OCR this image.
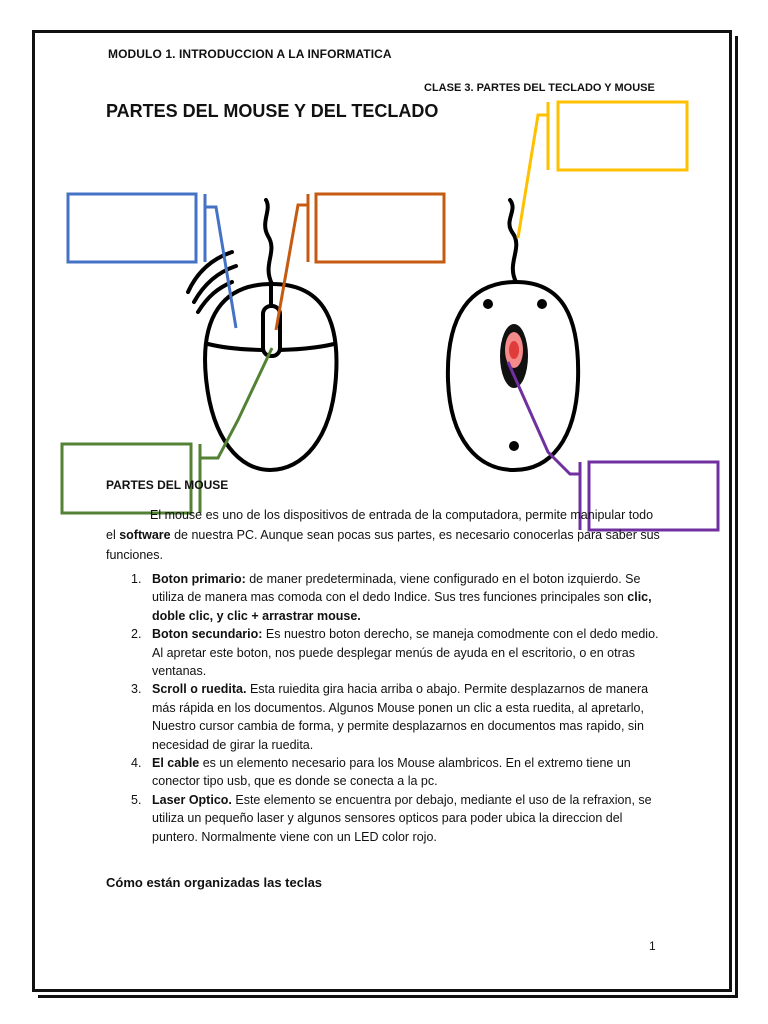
MODULO 1. INTRODUCCION A LA INFORMATICA
CLASE 3. PARTES DEL TECLADO Y MOUSE
PARTES DEL MOUSE Y DEL TECLADO
PARTES DEL MOUSE

El mouse es uno de los dispositivos de entrada de la computadora, permite manipular todo el software de nuestra PC. Aunque sean pocas sus partes, es necesario conocerlas para saber sus funciones.

1. Boton primario: de maner predeterminada, viene configurado en el boton izquierdo. Se utiliza de manera mas comoda con el dedo Indice. Sus tres funciones principales son clic, doble clic, y clic + arrastrar mouse.
2. Boton secundario: Es nuestro boton derecho, se maneja comodmente con el dedo medio. Al apretar este boton, nos puede desplegar menús de ayuda en el escritorio, o en otras ventanas.
3. Scroll o ruedita. Esta ruiedita gira hacia arriba o abajo. Permite desplazarnos de manera más rápida en los documentos. Algunos Mouse ponen un clic a esta ruedita, al apretarlo, Nuestro cursor cambia de forma, y permite desplazarnos en documentos mas rapido, sin necesidad de girar la ruedita.
4. El cable es un elemento necesario para los Mouse alambricos. En el extremo tiene un conector tipo usb, que es donde se conecta a la pc.
5. Laser Optico. Este elemento se encuentra por debajo, mediante el uso de la refraxion, se utiliza un pequeño laser y algunos sensores opticos para poder ubica la direccion del puntero. Normalmente viene con un LED color rojo.
Cómo están organizadas las teclas
1
